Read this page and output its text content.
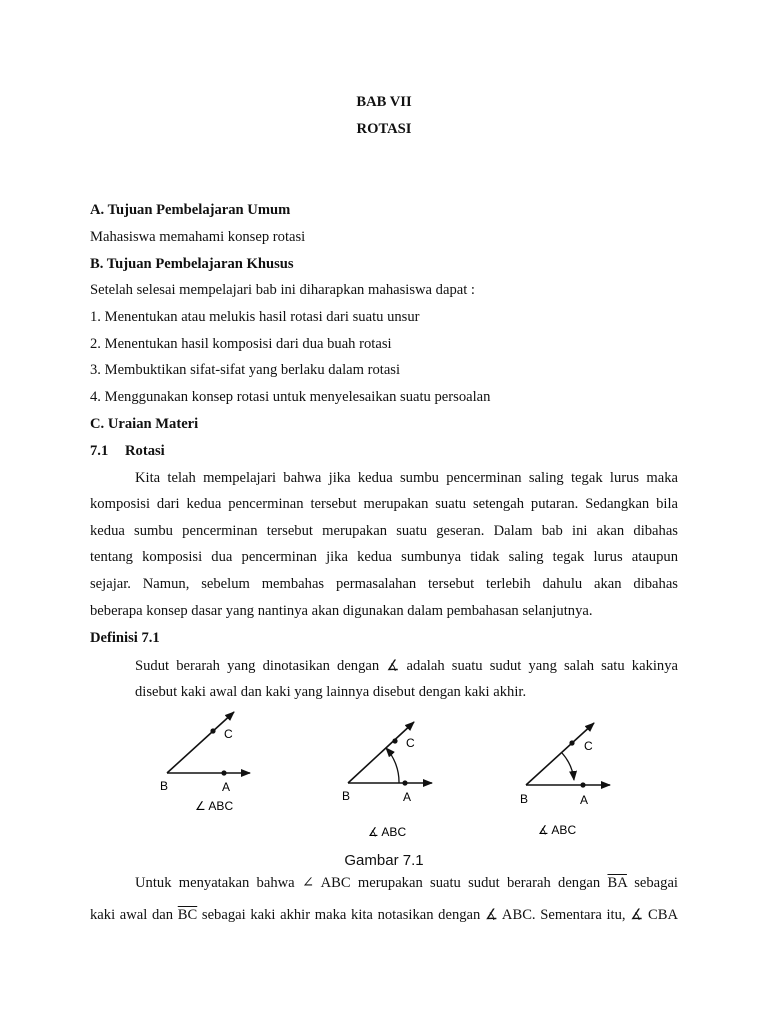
BAB VII
ROTASI
A. Tujuan Pembelajaran Umum
Mahasiswa memahami konsep rotasi
B. Tujuan Pembelajaran Khusus
Setelah selesai mempelajari bab ini diharapkan mahasiswa dapat :
1. Menentukan atau melukis hasil rotasi dari suatu unsur
2. Menentukan hasil komposisi dari dua buah rotasi
3. Membuktikan sifat-sifat yang berlaku dalam rotasi
4. Menggunakan konsep rotasi untuk menyelesaikan suatu persoalan
C. Uraian Materi
7.1 Rotasi
Kita telah mempelajari bahwa jika kedua sumbu pencerminan saling tegak lurus maka
komposisi dari kedua pencerminan tersebut merupakan suatu setengah putaran. Sedangkan bila
kedua sumbu pencerminan tersebut merupakan suatu geseran. Dalam bab ini akan dibahas
tentang komposisi dua pencerminan jika kedua sumbunya tidak saling tegak lurus ataupun
sejajar. Namun, sebelum membahas permasalahan tersebut terlebih dahulu akan dibahas
beberapa konsep dasar yang nantinya akan digunakan dalam pembahasan selanjutnya.
Definisi 7.1
Sudut berarah yang dinotasikan dengan ∡ adalah suatu sudut yang salah satu kakinya
disebut kaki awal dan kaki yang lainnya disebut dengan kaki akhir.
C
B	A
∠ ABC
C
B	A
∡ ABC
C
B	A
∡ ABC
Gambar 7.1
Untuk menyatakan bahwa ∠ ABC merupakan suatu sudut berarah dengan $\overline{BA}$ sebagai
kaki awal dan $\overline{BC}$ sebagai kaki akhir maka kita notasikan dengan ∡ ABC. Sementara itu, ∡ CBA
